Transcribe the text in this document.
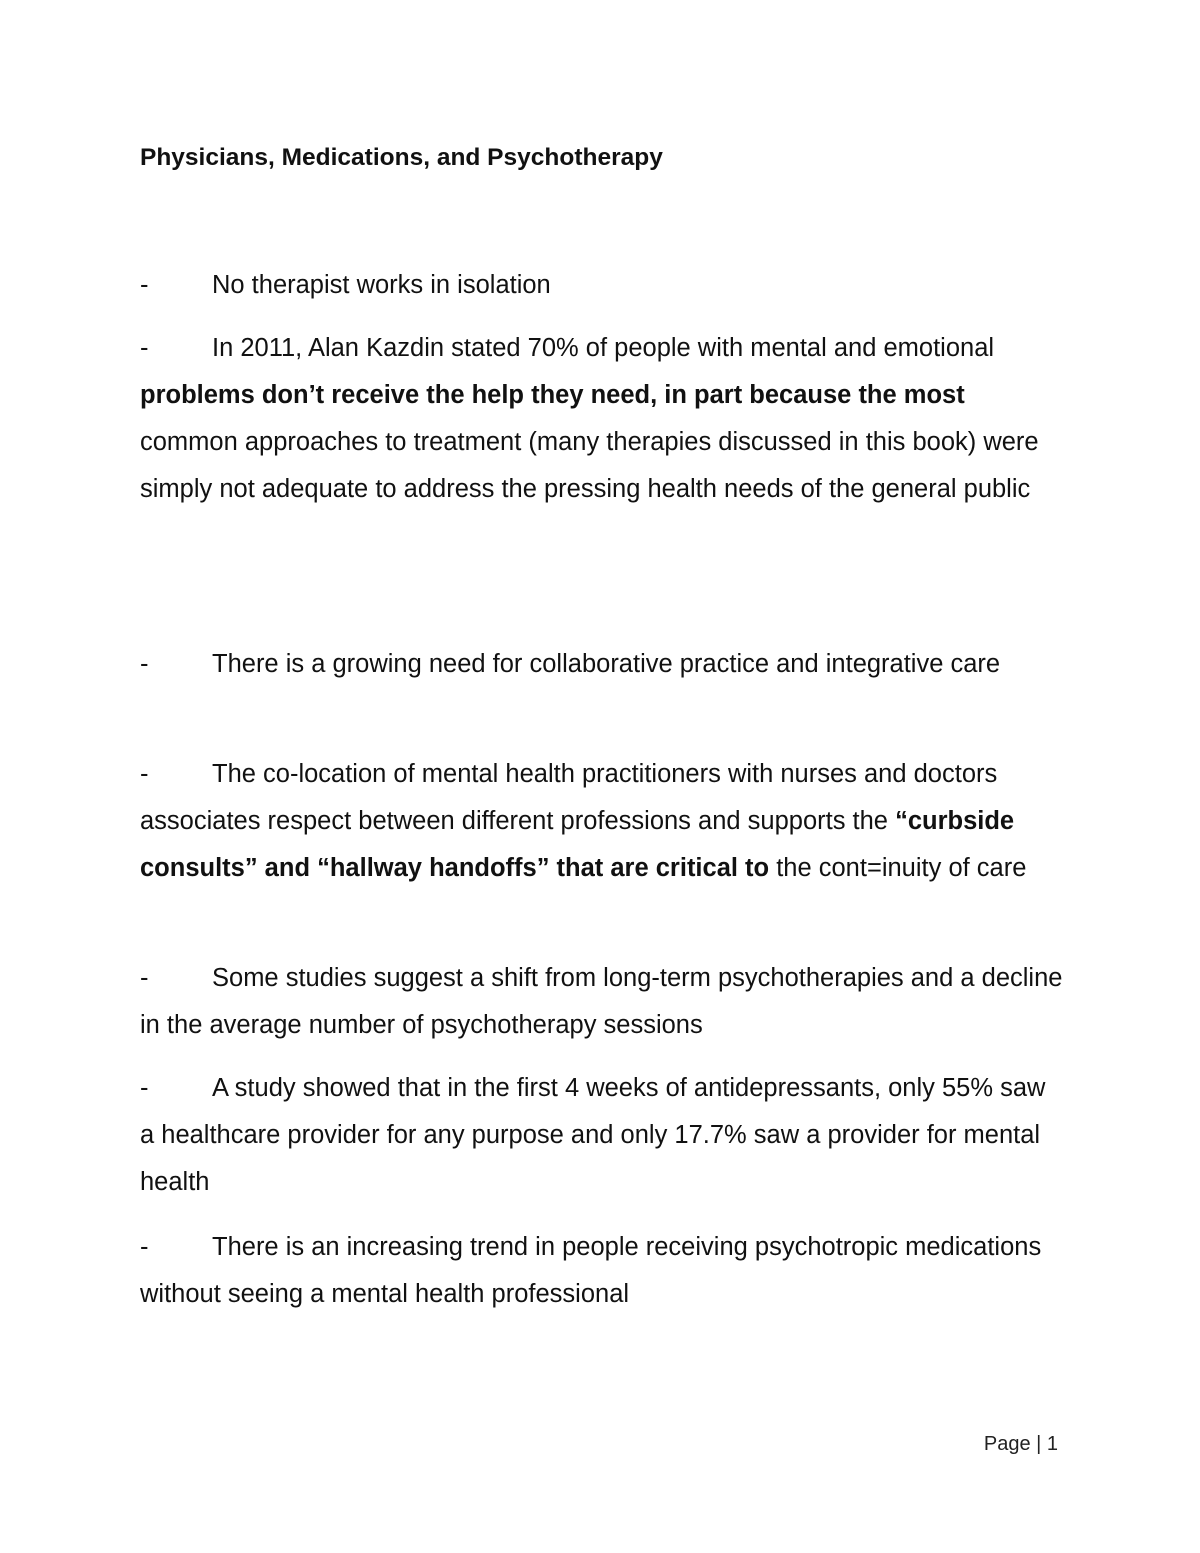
Physicians, Medications, and Psychotherapy
- No therapist works in isolation
- In 2011, Alan Kazdin stated 70% of people with mental and emotional problems don’t receive the help they need, in part because the most common approaches to treatment (many therapies discussed in this book) were simply not adequate to address the pressing health needs of the general public
- There is a growing need for collaborative practice and integrative care
- The co-location of mental health practitioners with nurses and doctors associates respect between different professions and supports the “curbside consults” and “hallway handoffs” that are critical to the cont=inuity of care
- Some studies suggest a shift from long-term psychotherapies and a decline in the average number of psychotherapy sessions
- A study showed that in the first 4 weeks of antidepressants, only 55% saw a healthcare provider for any purpose and only 17.7% saw a provider for mental health
- There is an increasing trend in people receiving psychotropic medications without seeing a mental health professional
Page | 1
